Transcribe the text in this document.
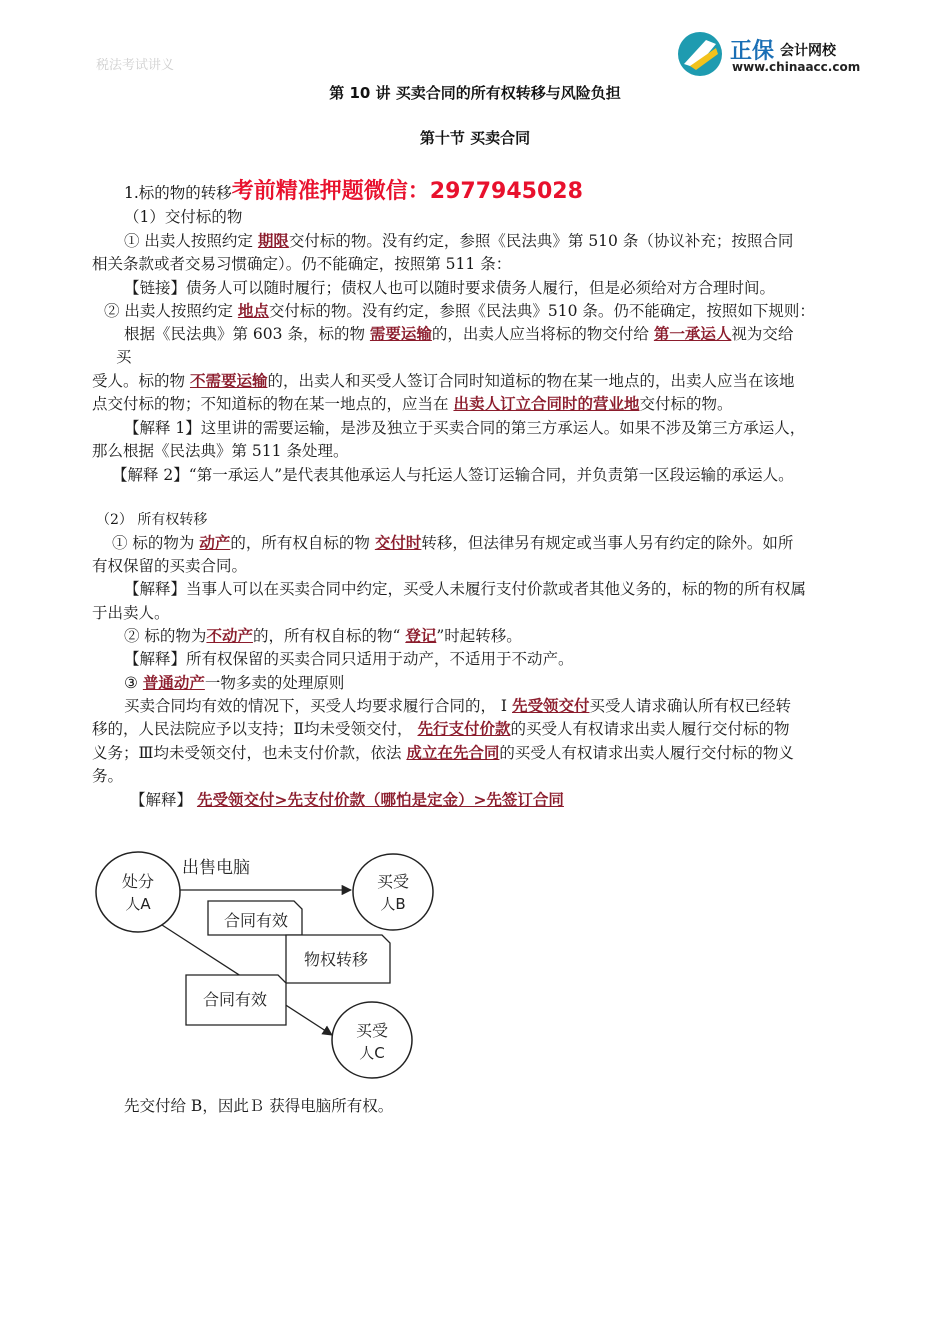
税法考试讲义
正保 会计网校
www.chinaacc.com
第 10 讲 买卖合同的所有权转移与风险负担
第十节 买卖合同
1.标的物的转移考前精准押题微信：2977945028
（1）交付标的物
① 出卖人按照约定 期限交付标的物。没有约定，参照《民法典》第 510 条（协议补充；按照合同
相关条款或者交易习惯确定）。仍不能确定，按照第 511 条：
【链接】债务人可以随时履行；债权人也可以随时要求债务人履行，但是必须给对方合理时间。
② 出卖人按照约定 地点交付标的物。没有约定，参照《民法典》510 条。仍不能确定，按照如下规则：
根据《民法典》第 603 条，标的物 需要运输的，出卖人应当将标的物交付给 第一承运人视为交给
买
受人。标的物 不需要运输的，出卖人和买受人签订合同时知道标的物在某一地点的，出卖人应当在该地
点交付标的物；不知道标的物在某一地点的，应当在 出卖人订立合同时的营业地交付标的物。
【解释 1】这里讲的需要运输，是涉及独立于买卖合同的第三方承运人。如果不涉及第三方承运人，
那么根据《民法典》第 511 条处理。
【解释 2】“第一承运人”是代表其他承运人与托运人签订运输合同，并负责第一区段运输的承运人。
（2） 所有权转移
① 标的物为 动产的，所有权自标的物 交付时转移，但法律另有规定或当事人另有约定的除外。如所
有权保留的买卖合同。
【解释】当事人可以在买卖合同中约定，买受人未履行支付价款或者其他义务的，标的物的所有权属
于出卖人。
② 标的物为不动产的，所有权自标的物“ 登记”时起转移。
【解释】所有权保留的买卖合同只适用于动产，不适用于不动产。
③ 普通动产一物多卖的处理原则
买卖合同均有效的情况下，买受人均要求履行合同的， Ⅰ 先受领交付买受人请求确认所有权已经转
移的，人民法院应予以支持；Ⅱ均未受领交付， 先行支付价款的买受人有权请求出卖人履行交付标的物
义务；Ⅲ均未受领交付，也未支付价款，依法 成立在先合同的买受人有权请求出卖人履行交付标的物义
务。
【解释】 先受领交付>先支付价款（哪怕是定金）>先签订合同
处分
人A
买受
人B
买受
人C
出售电脑
合同有效
物权转移
合同有效
先交付给 B，因此Ｂ 获得电脑所有权。
